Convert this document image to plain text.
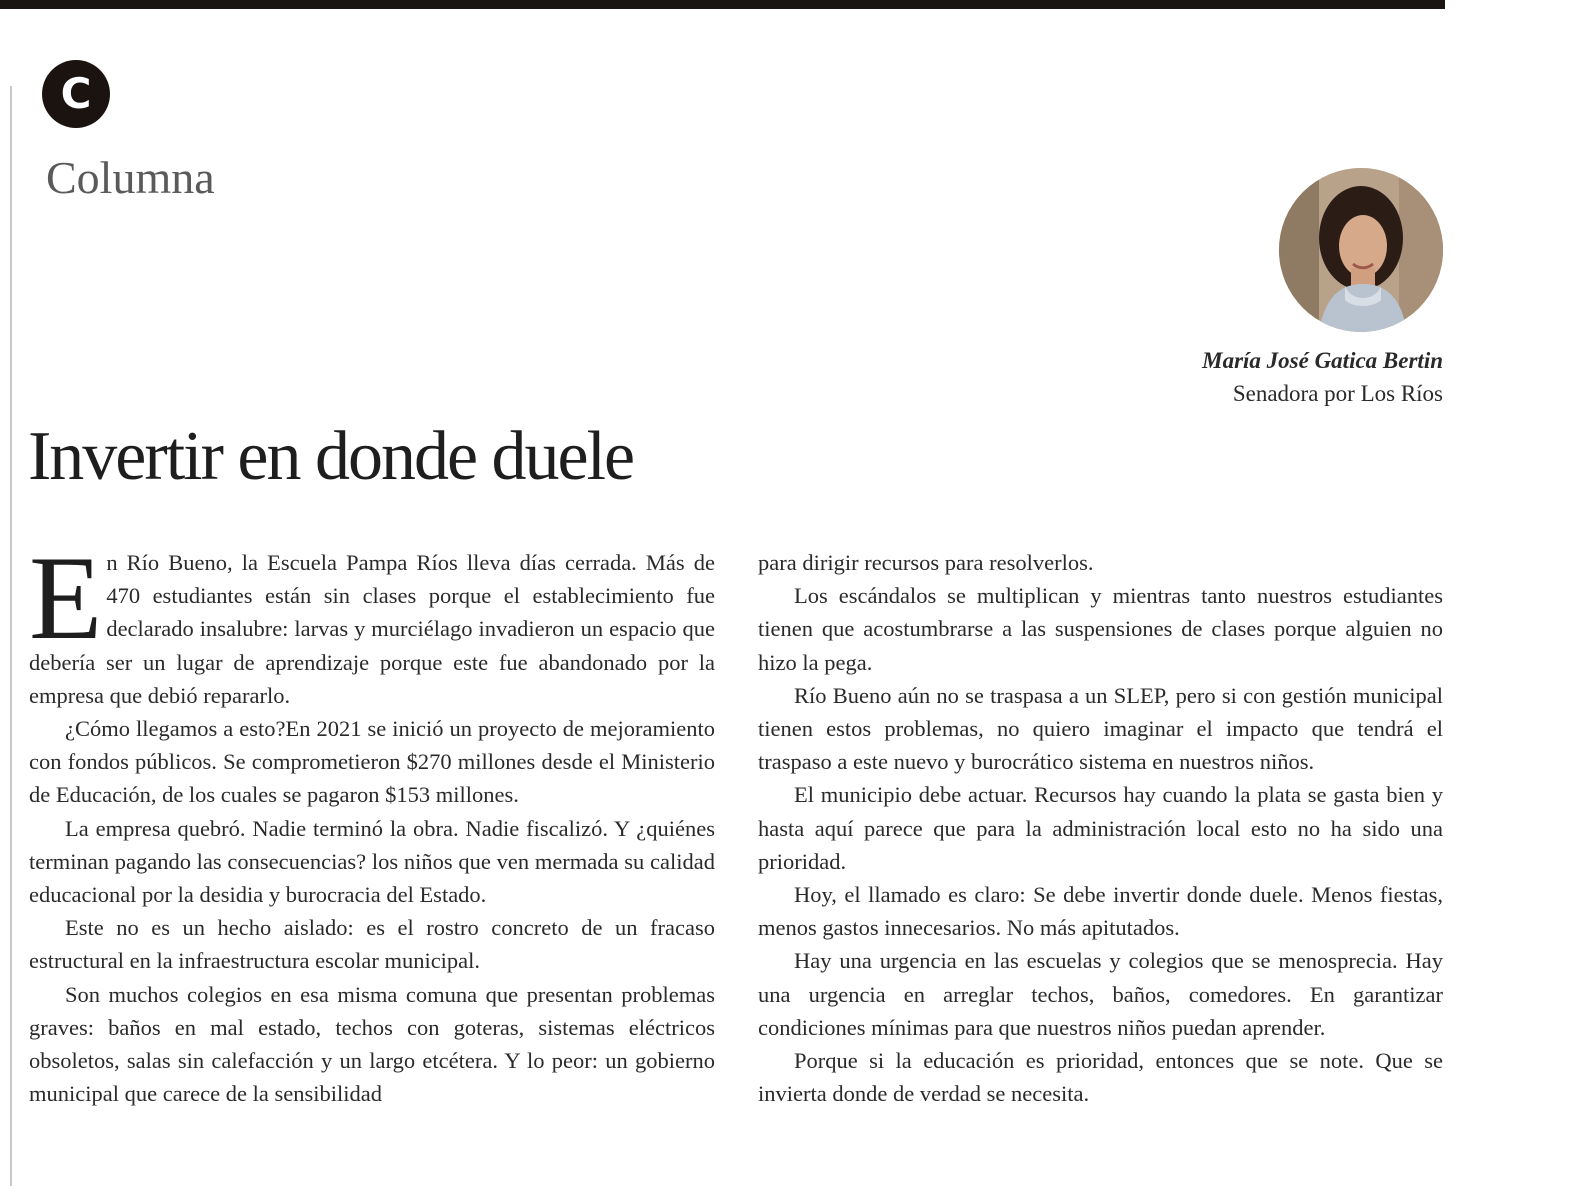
C
Columna
María José Gatica Bertin
Senadora por Los Ríos
Invertir en donde duele

En Río Bueno, la Escuela Pampa Ríos lleva días cerrada. Más de 470 estudiantes están sin clases porque el establecimiento fue declarado insalubre: larvas y murciélago invadieron un espacio que debería ser un lugar de aprendizaje porque este fue abandonado por la empresa que debió repararlo.

¿Cómo llegamos a esto?En 2021 se inició un proyecto de mejoramiento con fondos públicos. Se comprometieron $270 millones desde el Ministerio de Educación, de los cuales se pagaron $153 millones.

La empresa quebró. Nadie terminó la obra. Nadie fiscalizó. Y ¿quiénes terminan pagando las consecuencias? los niños que ven mermada su calidad educacional por la desidia y burocracia del Estado.

Este no es un hecho aislado: es el rostro concreto de un fracaso estructural en la infraestructura escolar municipal.

Son muchos colegios en esa misma comuna que presentan problemas graves: baños en mal estado, techos con goteras, sistemas eléctricos obsoletos, salas sin calefacción y un largo etcétera. Y lo peor: un gobierno municipal que carece de la sensibilidad

para dirigir recursos para resolverlos.

Los escándalos se multiplican y mientras tanto nuestros estudiantes tienen que acostumbrarse a las suspensiones de clases porque alguien no hizo la pega.

Río Bueno aún no se traspasa a un SLEP, pero si con gestión municipal tienen estos problemas, no quiero imaginar el impacto que tendrá el traspaso a este nuevo y burocrático sistema en nuestros niños.

El municipio debe actuar. Recursos hay cuando la plata se gasta bien y hasta aquí parece que para la administración local esto no ha sido una prioridad.

Hoy, el llamado es claro: Se debe invertir donde duele. Menos fiestas, menos gastos innecesarios. No más apitutados.

Hay una urgencia en las escuelas y colegios que se menosprecia. Hay una urgencia en arreglar techos, baños, comedores. En garantizar condiciones mínimas para que nuestros niños puedan aprender.

Porque si la educación es prioridad, entonces que se note. Que se invierta donde de verdad se necesita.
